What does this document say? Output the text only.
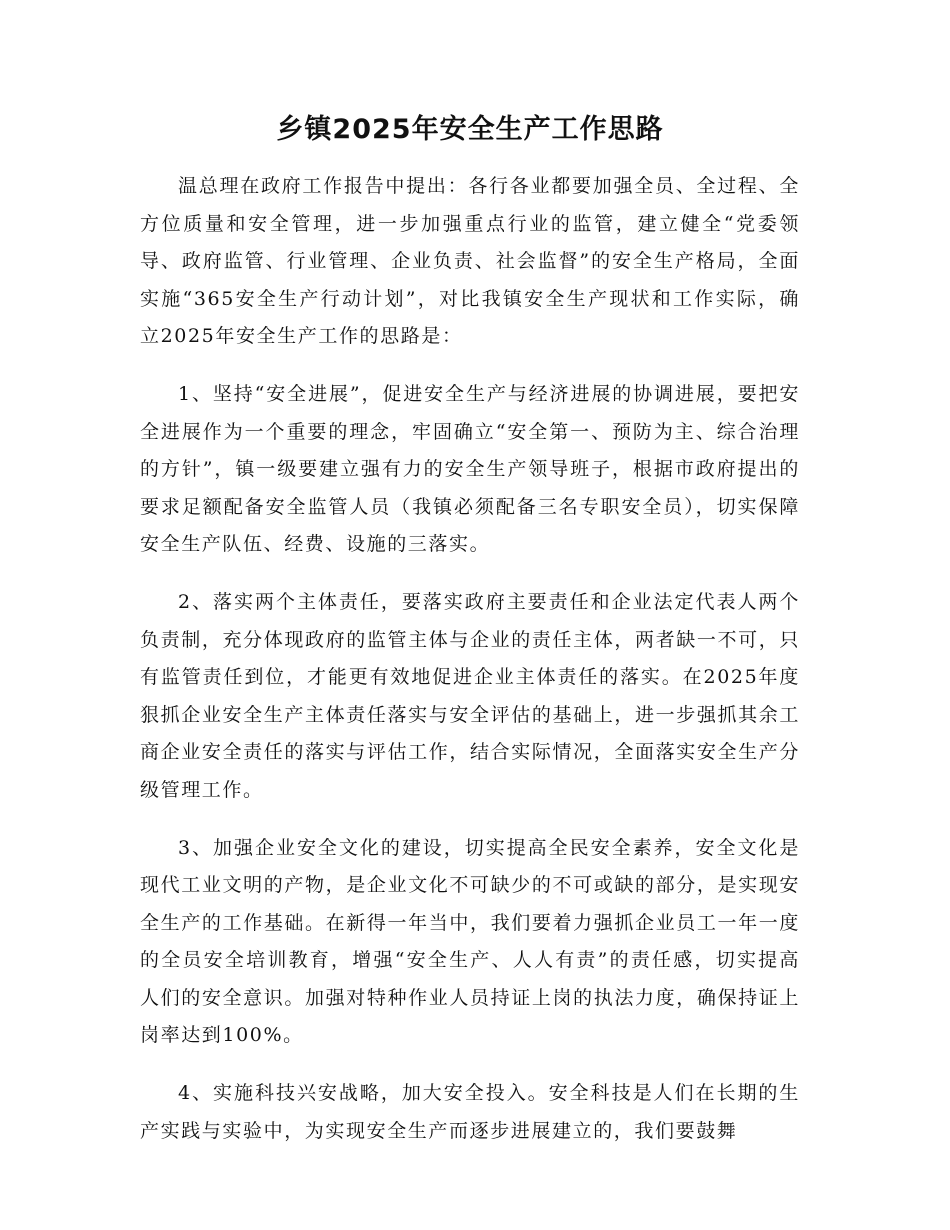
乡镇2025年安全生产工作思路

温总理在政府工作报告中提出：各行各业都要加强全员、全过程、全方位质量和安全管理，进一步加强重点行业的监管，建立健全“党委领导、政府监管、行业管理、企业负责、社会监督”的安全生产格局，全面实施“365安全生产行动计划”，对比我镇安全生产现状和工作实际，确立2025年安全生产工作的思路是：

1、坚持“安全进展”，促进安全生产与经济进展的协调进展，要把安全进展作为一个重要的理念，牢固确立“安全第一、预防为主、综合治理的方针”，镇一级要建立强有力的安全生产领导班子，根据市政府提出的要求足额配备安全监管人员（我镇必须配备三名专职安全员），切实保障安全生产队伍、经费、设施的三落实。

2、落实两个主体责任，要落实政府主要责任和企业法定代表人两个负责制，充分体现政府的监管主体与企业的责任主体，两者缺一不可，只有监管责任到位，才能更有效地促进企业主体责任的落实。在2025年度狠抓企业安全生产主体责任落实与安全评估的基础上，进一步强抓其余工商企业安全责任的落实与评估工作，结合实际情况，全面落实安全生产分级管理工作。

3、加强企业安全文化的建设，切实提高全民安全素养，安全文化是现代工业文明的产物，是企业文化不可缺少的不可或缺的部分，是实现安全生产的工作基础。在新得一年当中，我们要着力强抓企业员工一年一度的全员安全培训教育，增强“安全生产、人人有责”的责任感，切实提高人们的安全意识。加强对特种作业人员持证上岗的执法力度，确保持证上岗率达到100%。

4、实施科技兴安战略，加大安全投入。安全科技是人们在长期的生产实践与实验中，为实现安全生产而逐步进展建立的，我们要鼓舞
